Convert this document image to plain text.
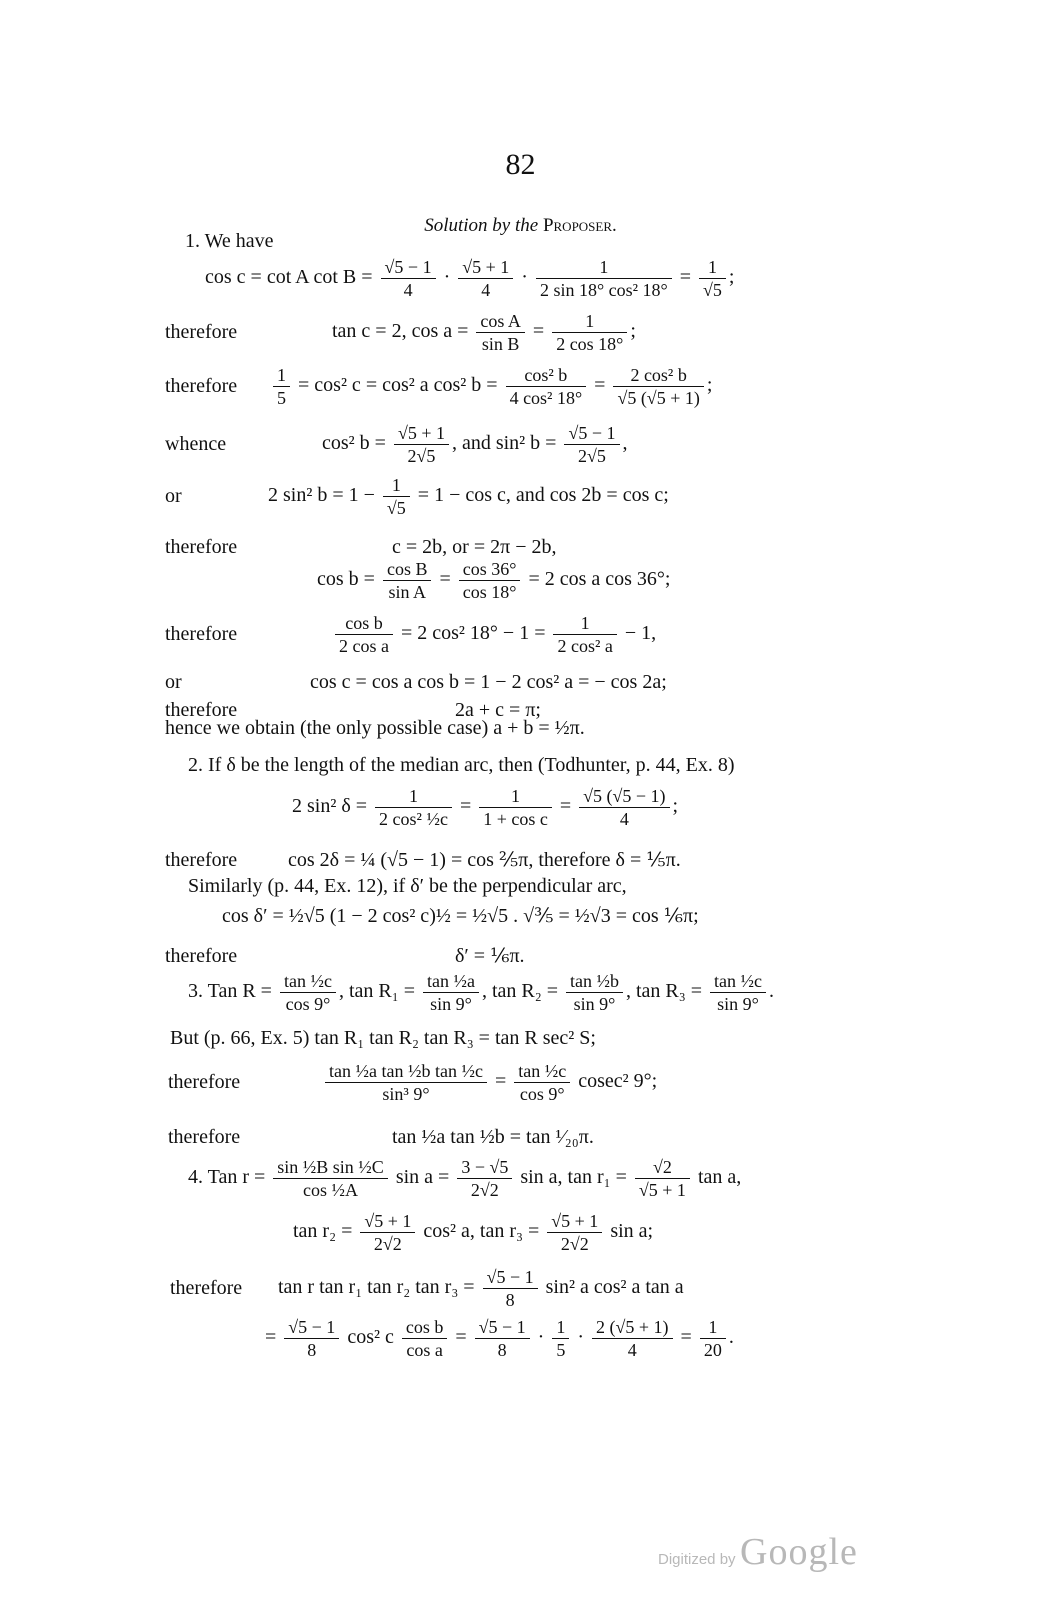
82
Solution by the Proposer.
1. We have
cos c = cot A $\cot B = \frac{√5 - 1}{4} \cdot \frac{√5 + 1}{4} \cdot \frac{1}{\text{2 sin 18° cos² 18°}} = \frac{1}{√5}$ ;
therefore	tan c = 2, $\cos a = \frac{\text{cos A}}{\text{sin B}} = \frac{1}{2 \cos 18^\circ}$ ;
therefore $\frac{1}{5} = \cos^2$ c = cos² a cos² $b = \frac{\text{cos² b}}{\text{4 cos² 18°}} = \frac{\text{2 cos² b}}{√5 (√5 + 1)}$ ;
whence	cos² $b = \frac{√5 + 1}{2√5}$ , and sin² $b = \frac{√5 - 1}{2√5}$ ,
or	2 sin² $b = 1 - \frac{1}{√5} = 1 - \cos c$, and cos 2b = cos c;
therefore	c = 2b, or = 2π − 2b,
$\cos b = \frac{\text{cos B}}{\text{sin A}} = \frac{\cos 36^\circ}{\cos 18^\circ} = 2$ cos a cos 36°;
therefore	$\frac{\text{cos b}}{\text{2 cos a}} = 2$ cos² $18^\circ - 1 = \frac{1}{\text{2 cos² a}} - 1$,
or	cos c = cos a cos b = 1 − 2 cos² a = − cos 2a;
therefore	2a + c = π;
hence we obtain (the only possible case) a + b = ½π.
2. If δ be the length of the median arc, then (Todhunter, p. 44, Ex. 8)
2 sin² $\delta = \frac{1}{\text{2 cos² ½c}} = \frac{1}{\text{1 + cos c}} = \frac{√5 (√5 - 1)}{4}$ ;
therefore	cos 2δ = ¼ (√5 − 1) = cos ⅖π, therefore δ = ⅕π.
Similarly (p. 44, Ex. 12), if δ′ be the perpendicular arc,
cos δ′ = ½√5 (1 − 2 cos² c)½ = ½√5 . √⅗ = ½√3 = cos ⅙π;
therefore	δ′ = ⅙π.
3. Tan $R = \frac{\text{tan ½c}}{\cos 9^\circ}$ , $\tan R_1 = \frac{\text{tan ½a}}{\sin 9^\circ}$ , $\tan R_2 = \frac{\text{tan ½b}}{\sin 9^\circ}$ , $\tan R_3 = \frac{\text{tan ½c}}{\sin 9^\circ}$ .
But (p. 66, Ex. 5) tan R₁ tan R₂ tan R₃ = tan R sec² S;
therefore	$\frac{\text{tan ½a tan ½b tan ½c}}{\text{sin³ 9°}} = \frac{\text{tan ½c}}{\cos 9^\circ} cosec^2$ 9°;
therefore	tan ½a tan ½b = tan ¹⁄₂₀π.
4. Tan $r = \frac{\text{sin ½B sin ½C}}{\text{cos ½A}}$ $\sin a = \frac{3 - √5}{2√2}$ sin a, $\tan r_1 = \frac{√2}{√5 + 1}$ tan a,
$\tan r_2 = \frac{√5 + 1}{2√2} \cos^2$ a, $\tan r_3 = \frac{√5 + 1}{2√2}$ sin a;
therefore tan r tan r₁ tan r₂ $\tan r_3 = \frac{√5 - 1}{8} \sin^2$ a cos² a tan a
= $\frac{√5 - 1}{8} \cos^2$ c $\frac{\text{cos b}}{\text{cos a}} = \frac{√5 - 1}{8} \cdot \frac{1}{5} \cdot \frac{2 (√5 + 1)}{4} = \frac{1}{20}$ .
Digitized by Google
